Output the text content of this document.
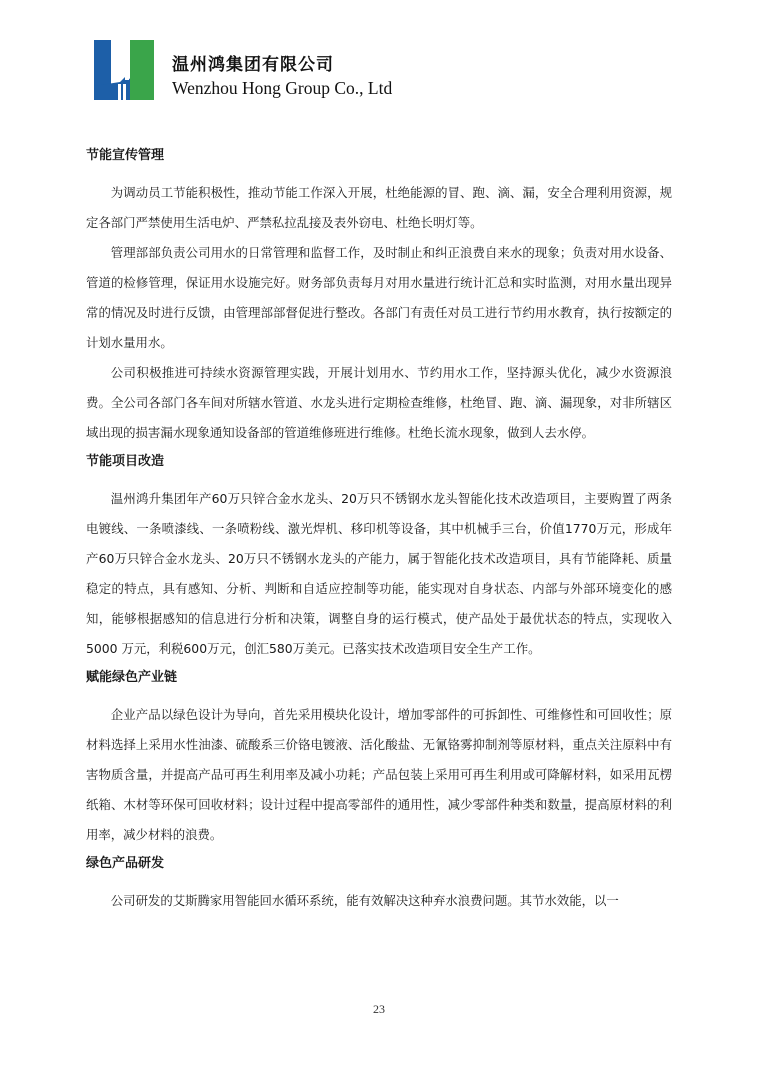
温州鸿集团有限公司
Wenzhou Hong Group Co., Ltd
节能宣传管理

为调动员工节能积极性，推动节能工作深入开展，杜绝能源的冒、跑、滴、漏，安全合理利用资源，规定各部门严禁使用生活电炉、严禁私拉乱接及表外窃电、杜绝长明灯等。

管理部部负责公司用水的日常管理和监督工作，及时制止和纠正浪费自来水的现象；负责对用水设备、管道的检修管理，保证用水设施完好。财务部负责每月对用水量进行统计汇总和实时监测，对用水量出现异常的情况及时进行反馈，由管理部部督促进行整改。各部门有责任对员工进行节约用水教育，执行按额定的计划水量用水。

公司积极推进可持续水资源管理实践，开展计划用水、节约用水工作，坚持源头优化，减少水资源浪费。全公司各部门各车间对所辖水管道、水龙头进行定期检查维修，杜绝冒、跑、滴、漏现象，对非所辖区域出现的损害漏水现象通知设备部的管道维修班进行维修。杜绝长流水现象，做到人去水停。

节能项目改造

温州鸿升集团年产60万只锌合金水龙头、20万只不锈钢水龙头智能化技术改造项目，主要购置了两条电镀线、一条喷漆线、一条喷粉线、激光焊机、移印机等设备，其中机械手三台，价值1770万元，形成年产60万只锌合金水龙头、20万只不锈钢水龙头的产能力，属于智能化技术改造项目，具有节能降耗、质量稳定的特点，具有感知、分析、判断和自适应控制等功能，能实现对自身状态、内部与外部环境变化的感知，能够根据感知的信息进行分析和决策，调整自身的运行模式，使产品处于最优状态的特点，实现收入5000 万元，利税600万元，创汇580万美元。已落实技术改造项目安全生产工作。

赋能绿色产业链

企业产品以绿色设计为导向，首先采用模块化设计，增加零部件的可拆卸性、可维修性和可回收性；原材料选择上采用水性油漆、硫酸系三价铬电镀液、活化酸盐、无氰铬雾抑制剂等原材料，重点关注原料中有害物质含量，并提高产品可再生利用率及减小功耗；产品包装上采用可再生利用或可降解材料，如采用瓦楞纸箱、木材等环保可回收材料；设计过程中提高零部件的通用性，减少零部件种类和数量，提高原材料的利用率，减少材料的浪费。

绿色产品研发

公司研发的艾斯腾家用智能回水循环系统，能有效解决这种弃水浪费问题。其节水效能，以一

23
